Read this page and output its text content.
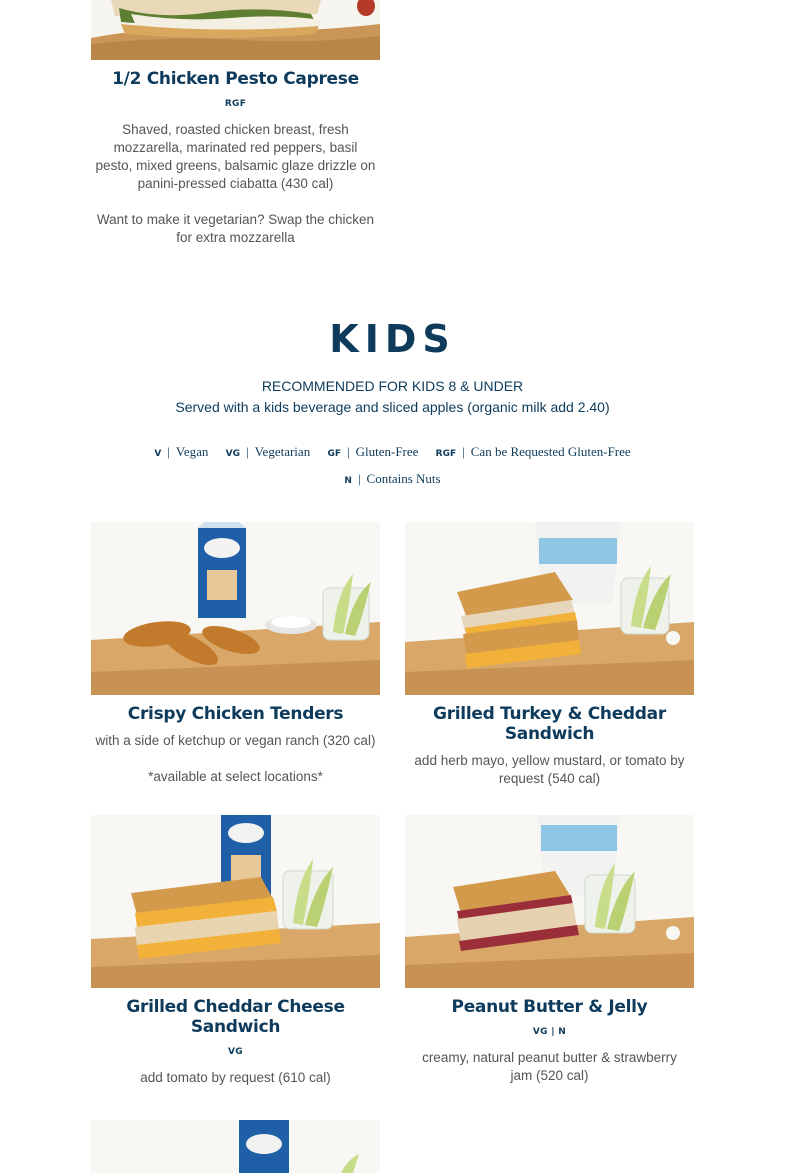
1/2 Chicken Pesto Caprese
RGF
Shaved, roasted chicken breast, fresh mozzarella, marinated red peppers, basil pesto, mixed greens, balsamic glaze drizzle on panini-pressed ciabatta (430 cal)
Want to make it vegetarian? Swap the chicken for extra mozzarella
KIDS
RECOMMENDED FOR KIDS 8 & UNDER
Served with a kids beverage and sliced apples (organic milk add 2.40)
V | Vegan VG | Vegetarian GF | Gluten-Free RGF | Can be Requested Gluten-Free
N | Contains Nuts
Crispy Chicken Tenders
with a side of ketchup or vegan ranch (320 cal)
*available at select locations*
Grilled Turkey & Cheddar Sandwich
add herb mayo, yellow mustard, or tomato by request (540 cal)
Grilled Cheddar Cheese Sandwich
VG
add tomato by request (610 cal)
Peanut Butter & Jelly
VG | N
creamy, natural peanut butter & strawberry jam (520 cal)
